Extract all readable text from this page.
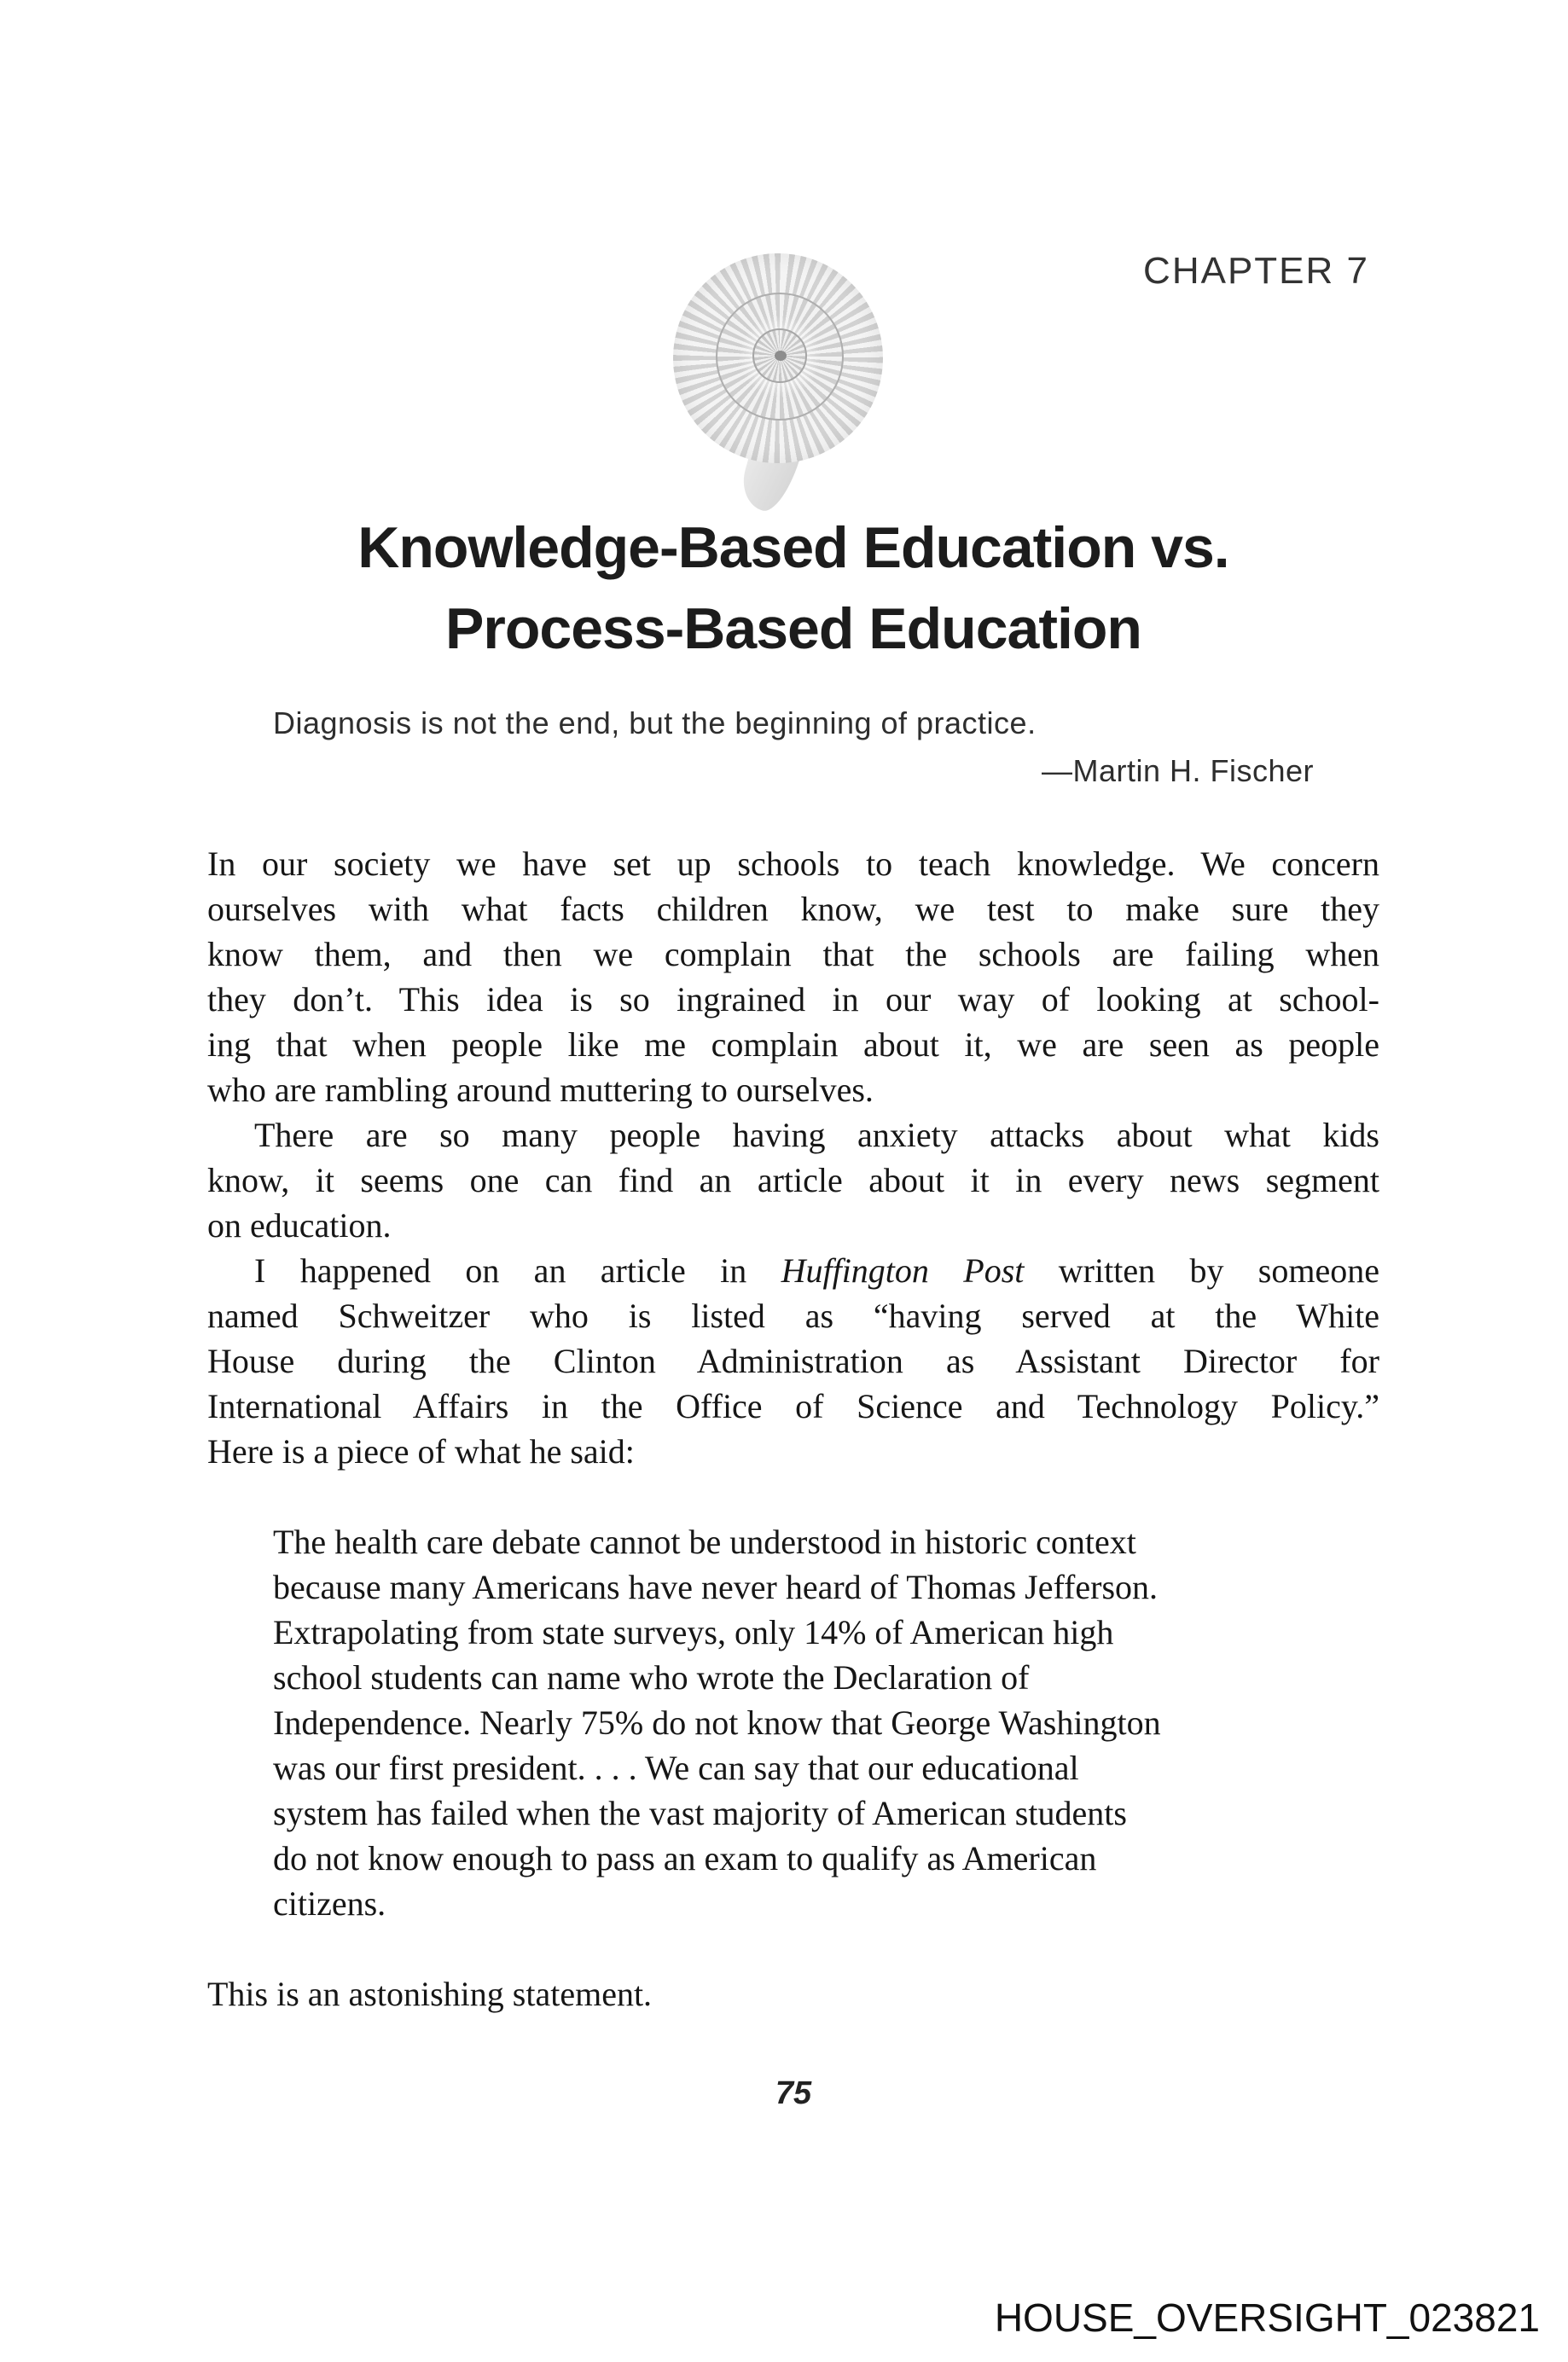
CHAPTER 7
Knowledge-Based Education vs.
Process-Based Education
Diagnosis is not the end, but the beginning of practice.
—Martin H. Fischer
In our society we have set up schools to teach knowledge. We concern
ourselves with what facts children know, we test to make sure they
know them, and then we complain that the schools are failing when
they don’t. This idea is so ingrained in our way of looking at school-
ing that when people like me complain about it, we are seen as people
who are rambling around muttering to ourselves.
There are so many people having anxiety attacks about what kids
know, it seems one can find an article about it in every news segment
on education.
I happened on an article in Huffington Post written by someone
named Schweitzer who is listed as “having served at the White
House during the Clinton Administration as Assistant Director for
International Affairs in the Office of Science and Technology Policy.”
Here is a piece of what he said:
The health care debate cannot be understood in historic context
because many Americans have never heard of Thomas Jefferson.
Extrapolating from state surveys, only 14% of American high
school students can name who wrote the Declaration of
Independence. Nearly 75% do not know that George Washington
was our first president. . . . We can say that our educational
system has failed when the vast majority of American students
do not know enough to pass an exam to qualify as American
citizens.
This is an astonishing statement.
75
HOUSE_OVERSIGHT_023821
